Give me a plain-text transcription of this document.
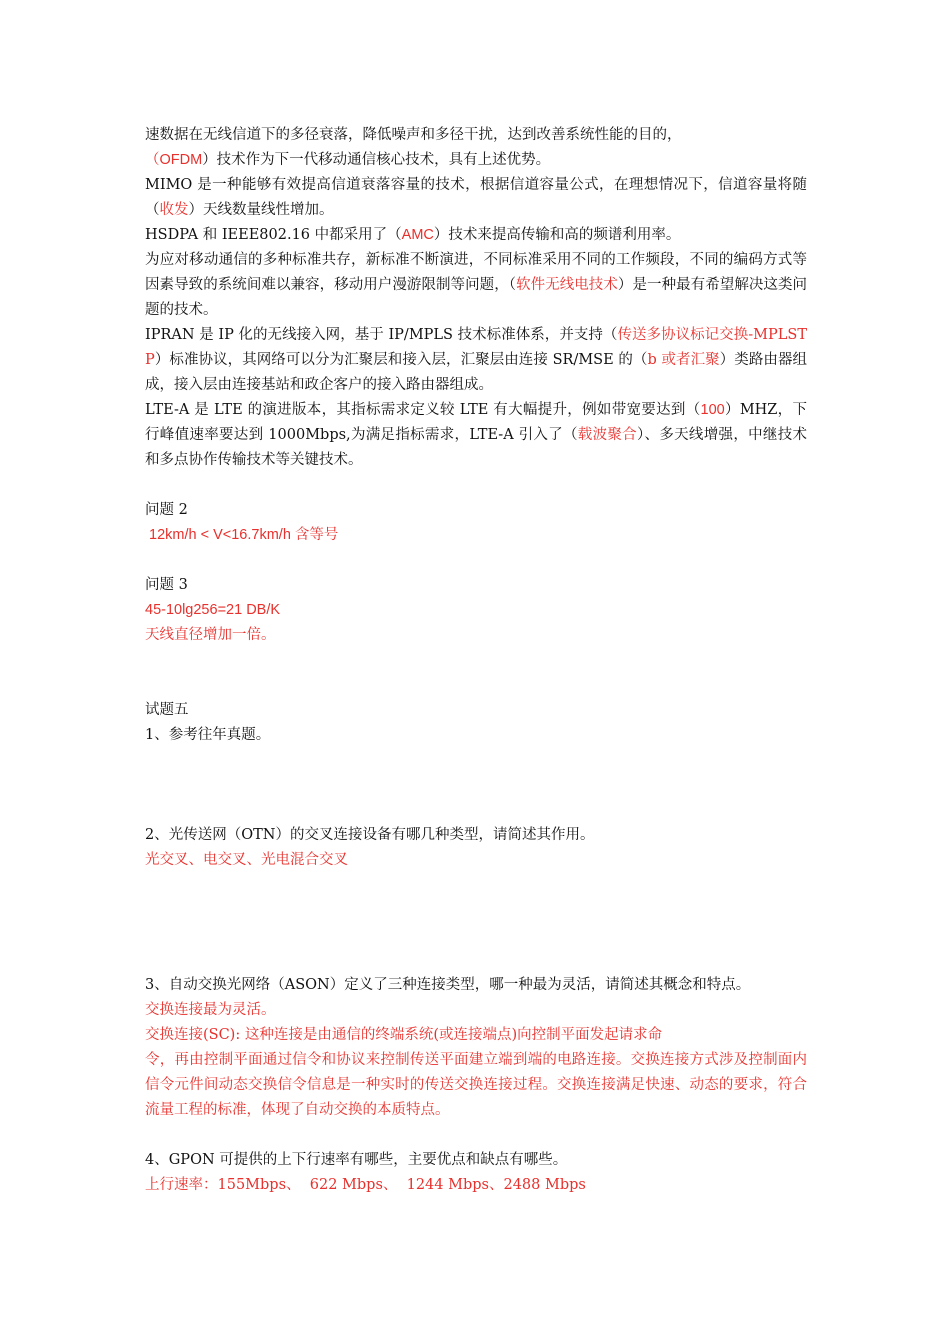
速数据在无线信道下的多径衰落，降低噪声和多径干扰，达到改善系统性能的目的，
（OFDM）技术作为下一代移动通信核心技术，具有上述优势。

MIMO 是一种能够有效提高信道衰落容量的技术，根据信道容量公式，在理想情况下，信道容量将随（收发）天线数量线性增加。

HSDPA 和 IEEE802.16 中都采用了（AMC）技术来提高传输和高的频谱利用率。

为应对移动通信的多种标准共存，新标准不断演进，不同标准采用不同的工作频段，不同的编码方式等因素导致的系统间难以兼容，移动用户漫游限制等问题，（软件无线电技术）是一种最有希望解决这类问题的技术。

IPRAN 是 IP 化的无线接入网，基于 IP/MPLS 技术标准体系，并支持（传送多协议标记交换-MPLSTP）标准协议，其网络可以分为汇聚层和接入层，汇聚层由连接 SR/MSE 的（b 或者汇聚）类路由器组成，接入层由连接基站和政企客户的接入路由器组成。

LTE-A 是 LTE 的演进版本，其指标需求定义较 LTE 有大幅提升，例如带宽要达到（100）MHZ，下行峰值速率要达到 1000Mbps,为满足指标需求，LTE-A 引入了（载波聚合）、多天线增强，中继技术和多点协作传输技术等关键技术。

问题 2

12km/h < V<16.7km/h 含等号

问题 3

45-10lg256=21 DB/K

天线直径增加一倍。

试题五

1、参考往年真题。

2、光传送网（OTN）的交叉连接设备有哪几种类型，请简述其作用。

光交叉、电交叉、光电混合交叉

3、自动交换光网络（ASON）定义了三种连接类型，哪一种最为灵活，请简述其概念和特点。

交换连接最为灵活。

交换连接(SC): 这种连接是由通信的终端系统(或连接端点)向控制平面发起请求命

令，再由控制平面通过信令和协议来控制传送平面建立端到端的电路连接。交换连接方式涉及控制面内信令元件间动态交换信令信息是一种实时的传送交换连接过程。交换连接满足快速、动态的要求，符合流量工程的标准，体现了自动交换的本质特点。

4、GPON 可提供的上下行速率有哪些，主要优点和缺点有哪些。

上行速率：155Mbps、  622 Mbps、  1244 Mbps、2488 Mbps
